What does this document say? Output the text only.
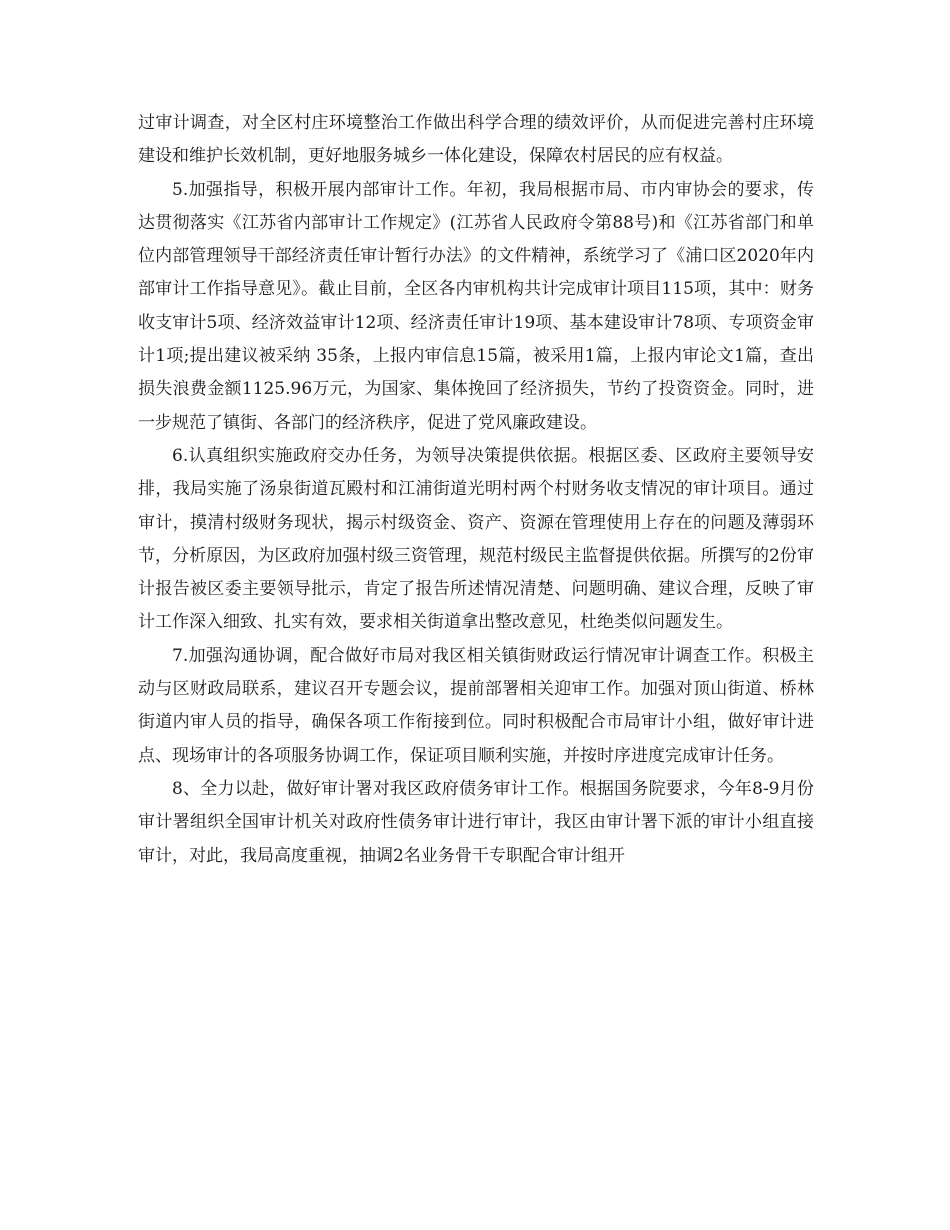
过审计调查，对全区村庄环境整治工作做出科学合理的绩效评价，从而促进完善村庄环境建设和维护长效机制，更好地服务城乡一体化建设，保障农村居民的应有权益。

5.加强指导，积极开展内部审计工作。年初，我局根据市局、市内审协会的要求，传达贯彻落实《江苏省内部审计工作规定》(江苏省人民政府令第88号)和《江苏省部门和单位内部管理领导干部经济责任审计暂行办法》的文件精神，系统学习了《浦口区2020年内部审计工作指导意见》。截止目前，全区各内审机构共计完成审计项目115项，其中：财务收支审计5项、经济效益审计12项、经济责任审计19项、基本建设审计78项、专项资金审计1项;提出建议被采纳 35条，上报内审信息15篇，被采用1篇，上报内审论文1篇，查出损失浪费金额1125.96万元，为国家、集体挽回了经济损失，节约了投资资金。同时，进一步规范了镇街、各部门的经济秩序，促进了党风廉政建设。

6.认真组织实施政府交办任务，为领导决策提供依据。根据区委、区政府主要领导安排，我局实施了汤泉街道瓦殿村和江浦街道光明村两个村财务收支情况的审计项目。通过审计，摸清村级财务现状，揭示村级资金、资产、资源在管理使用上存在的问题及薄弱环节，分析原因，为区政府加强村级三资管理，规范村级民主监督提供依据。所撰写的2份审计报告被区委主要领导批示，肯定了报告所述情况清楚、问题明确、建议合理，反映了审计工作深入细致、扎实有效，要求相关街道拿出整改意见，杜绝类似问题发生。

7.加强沟通协调，配合做好市局对我区相关镇街财政运行情况审计调查工作。积极主动与区财政局联系，建议召开专题会议，提前部署相关迎审工作。加强对顶山街道、桥林街道内审人员的指导，确保各项工作衔接到位。同时积极配合市局审计小组，做好审计进点、现场审计的各项服务协调工作，保证项目顺利实施，并按时序进度完成审计任务。

8、全力以赴，做好审计署对我区政府债务审计工作。根据国务院要求，今年8-9月份审计署组织全国审计机关对政府性债务审计进行审计，我区由审计署下派的审计小组直接审计，对此，我局高度重视，抽调2名业务骨干专职配合审计组开
